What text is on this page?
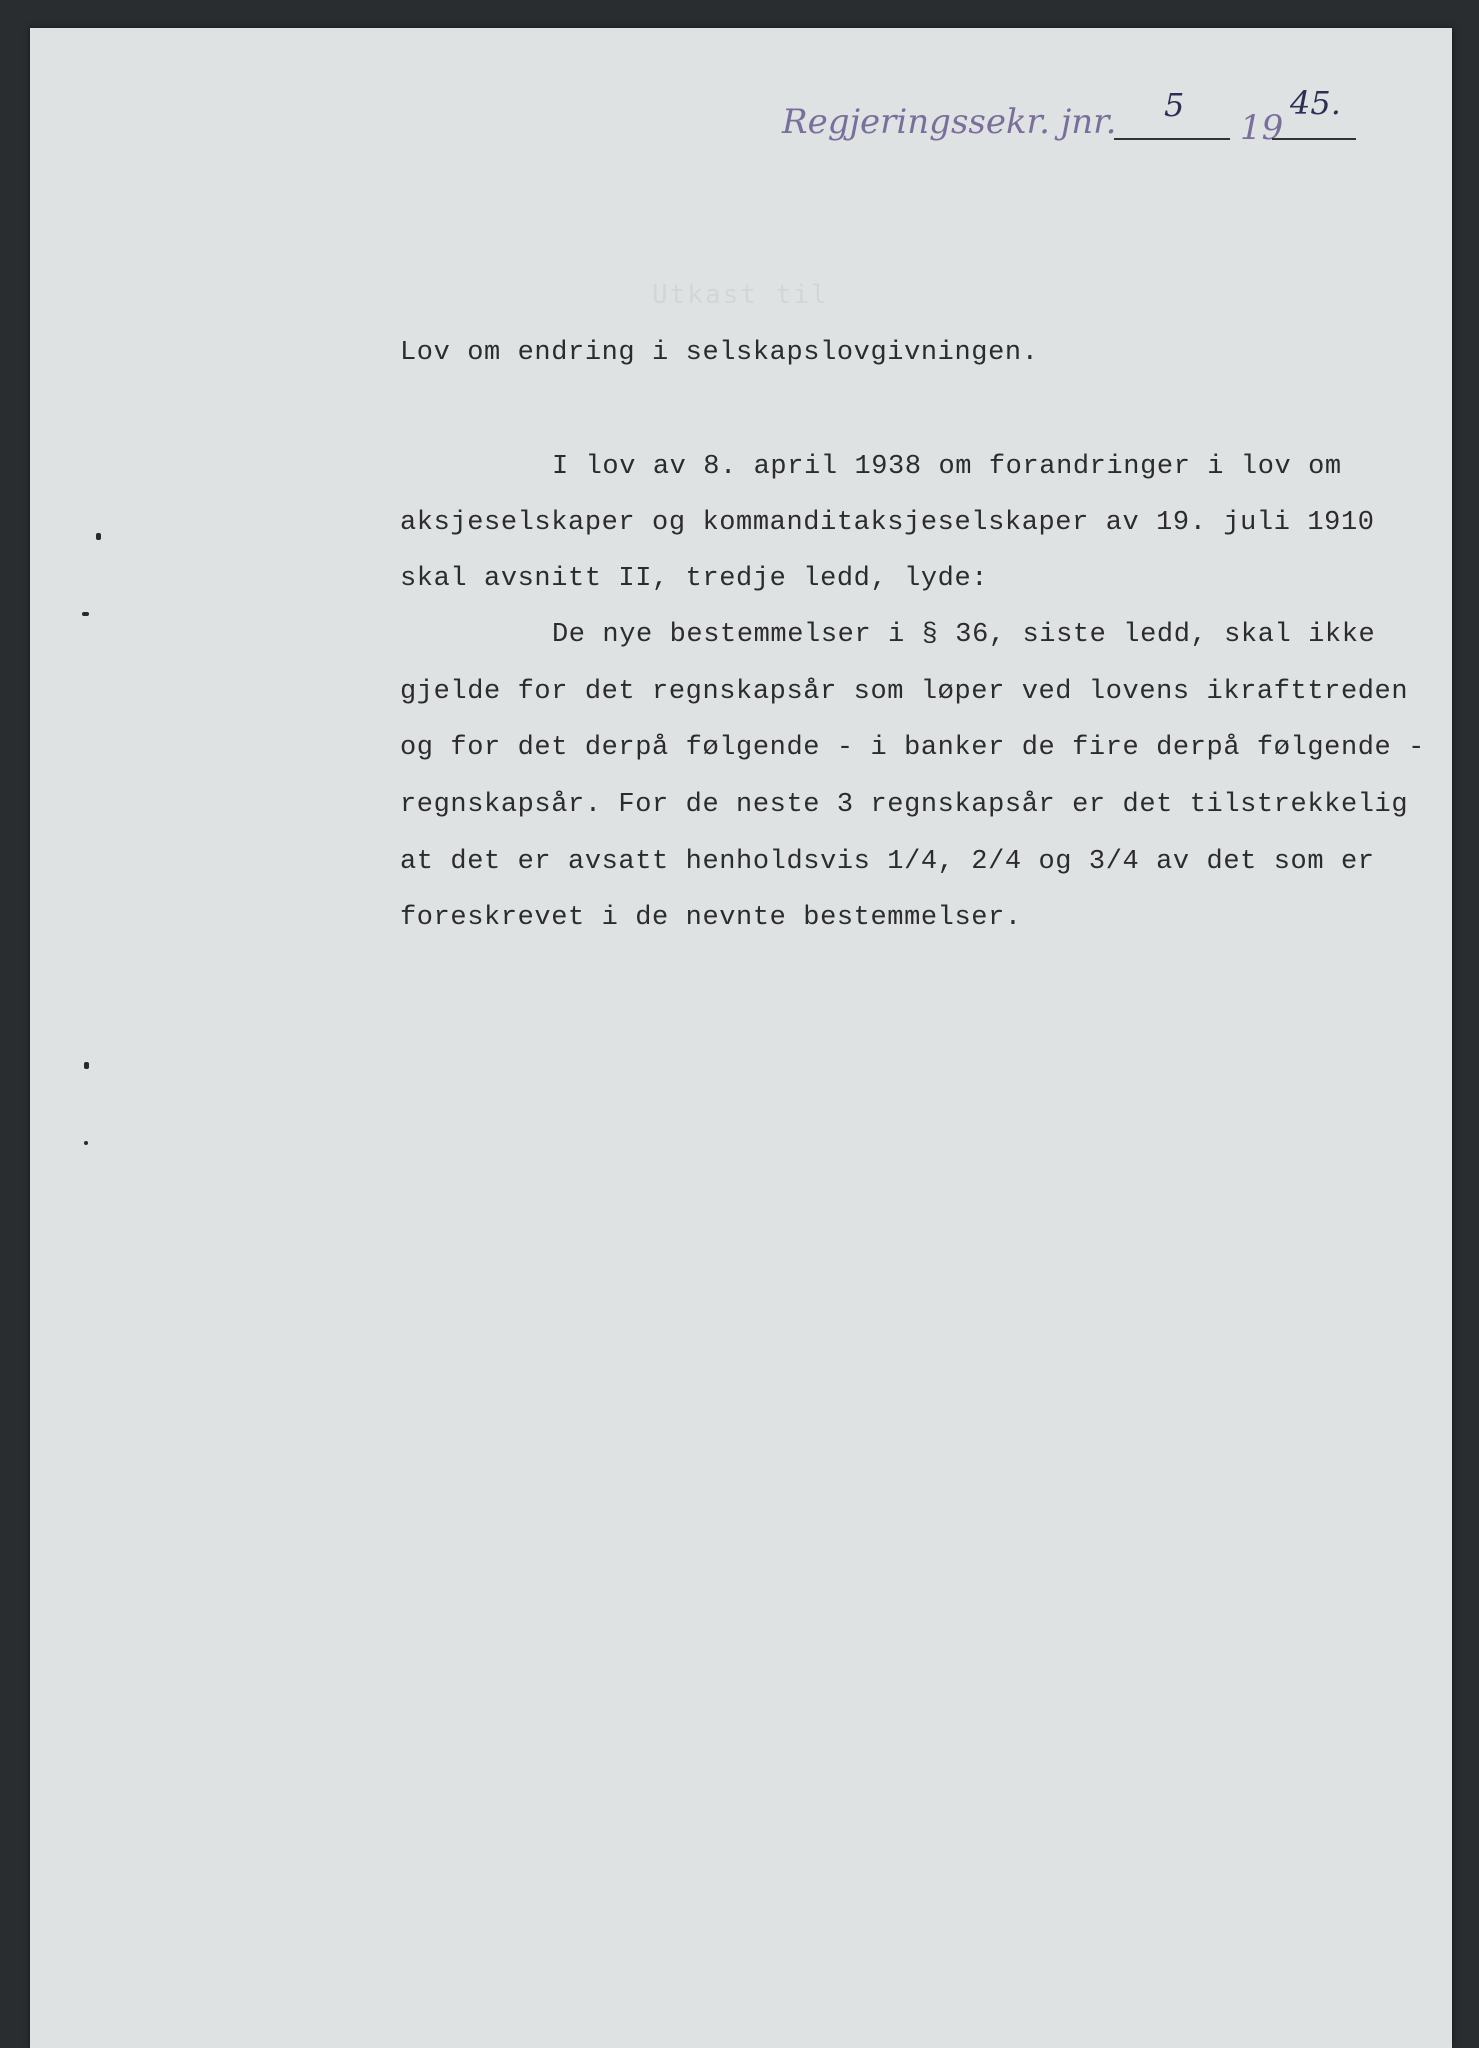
Regjeringssekr. jnr. 5
19
45.
Utkast til
Lov om endring i selskapslovgivningen.
I lov av 8. april 1938 om forandringer i lov om
aksjeselskaper og kommanditaksjeselskaper av 19. juli 1910
skal avsnitt II, tredje ledd, lyde:
De nye bestemmelser i § 36, siste ledd, skal ikke
gjelde for det regnskapsår som løper ved lovens ikrafttreden
og for det derpå følgende - i banker de fire derpå følgende -
regnskapsår. For de neste 3 regnskapsår er det tilstrekkelig
at det er avsatt henholdsvis 1/4, 2/4 og 3/4 av det som er
foreskrevet i de nevnte bestemmelser.
